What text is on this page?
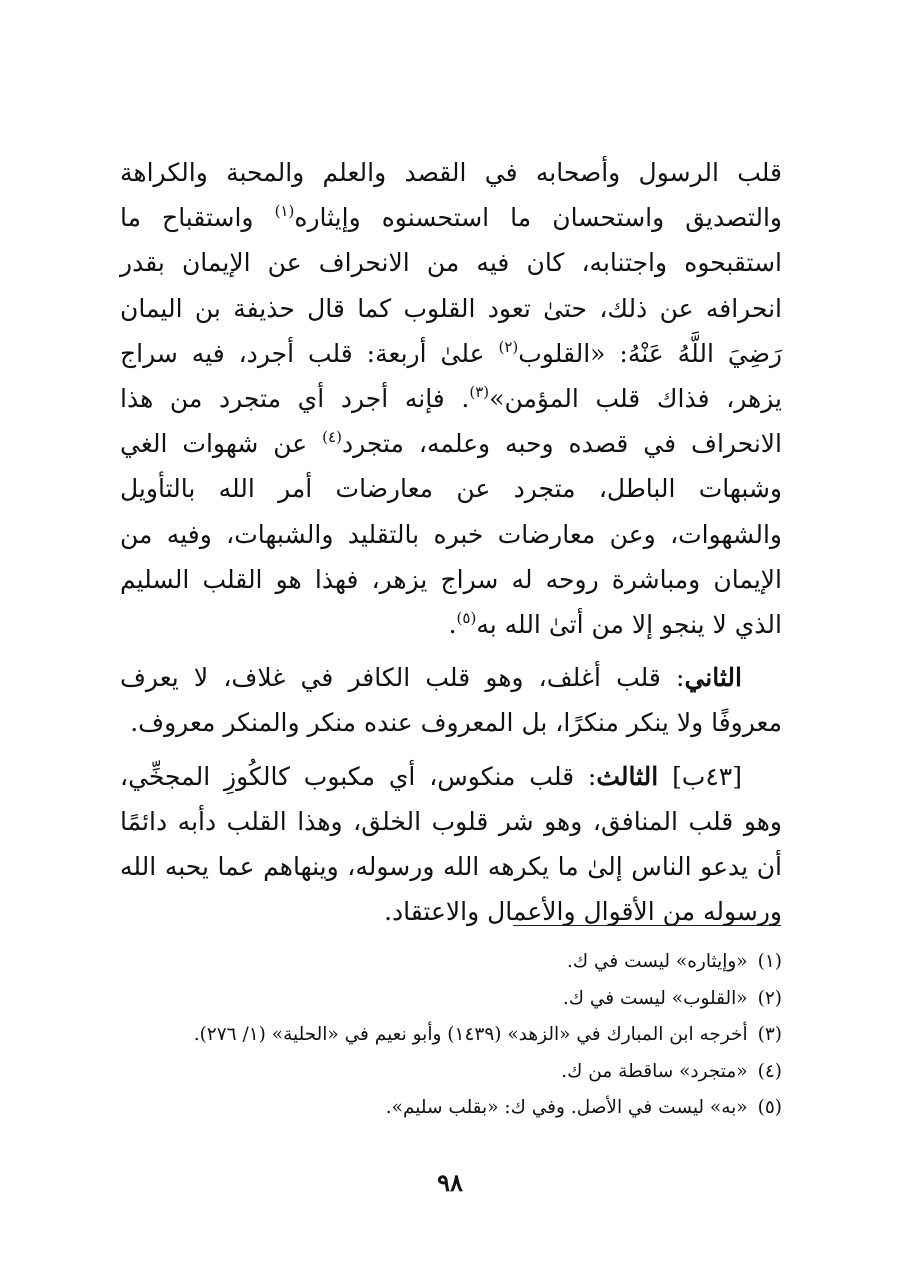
قلب الرسول وأصحابه في القصد والعلم والمحبة والكراهة والتصديق واستحسان ما استحسنوه وإيثاره$^{(١)}$ واستقباح ما استقبحوه واجتنابه، كان فيه من الانحراف عن الإيمان بقدر انحرافه عن ذلك، حتىٰ تعود القلوب كما قال حذيفة بن اليمان رَضِيَ اللَّهُ عَنْهُ: «القلوب$^{(٢)}$ علىٰ أربعة: قلب أجرد، فيه سراج يزهر، فذاك قلب المؤمن»$^{(٣)}$. فإنه أجرد أي متجرد من هذا الانحراف في قصده وحبه وعلمه، متجرد$^{(٤)}$ عن شهوات الغي وشبهات الباطل، متجرد عن معارضات أمر الله بالتأويل والشهوات، وعن معارضات خبره بالتقليد والشبهات، وفيه من الإيمان ومباشرة روحه له سراج يزهر، فهذا هو القلب السليم الذي لا ينجو إلا من أتىٰ الله به$^{(٥)}$.

الثاني: قلب أغلف، وهو قلب الكافر في غلاف، لا يعرف معروفًا ولا ينكر منكرًا، بل المعروف عنده منكر والمنكر معروف.

[٤٣ب] الثالث: قلب منكوس، أي مكبوب كالكُوزِ المجخِّي، وهو قلب المنافق، وهو شر قلوب الخلق، وهذا القلب دأبه دائمًا أن يدعو الناس إلىٰ ما يكرهه الله ورسوله، وينهاهم عما يحبه الله ورسوله من الأقوال والأعمال والاعتقاد.

(١)«وإيثاره» ليست في ك.
(٢)«القلوب» ليست في ك.
(٣)أخرجه ابن المبارك في «الزهد» (١٤٣٩) وأبو نعيم في «الحلية» (١/ ٢٧٦).
(٤)«متجرد» ساقطة من ك.
(٥)«به» ليست في الأصل. وفي ك: «بقلب سليم».
٩٨
